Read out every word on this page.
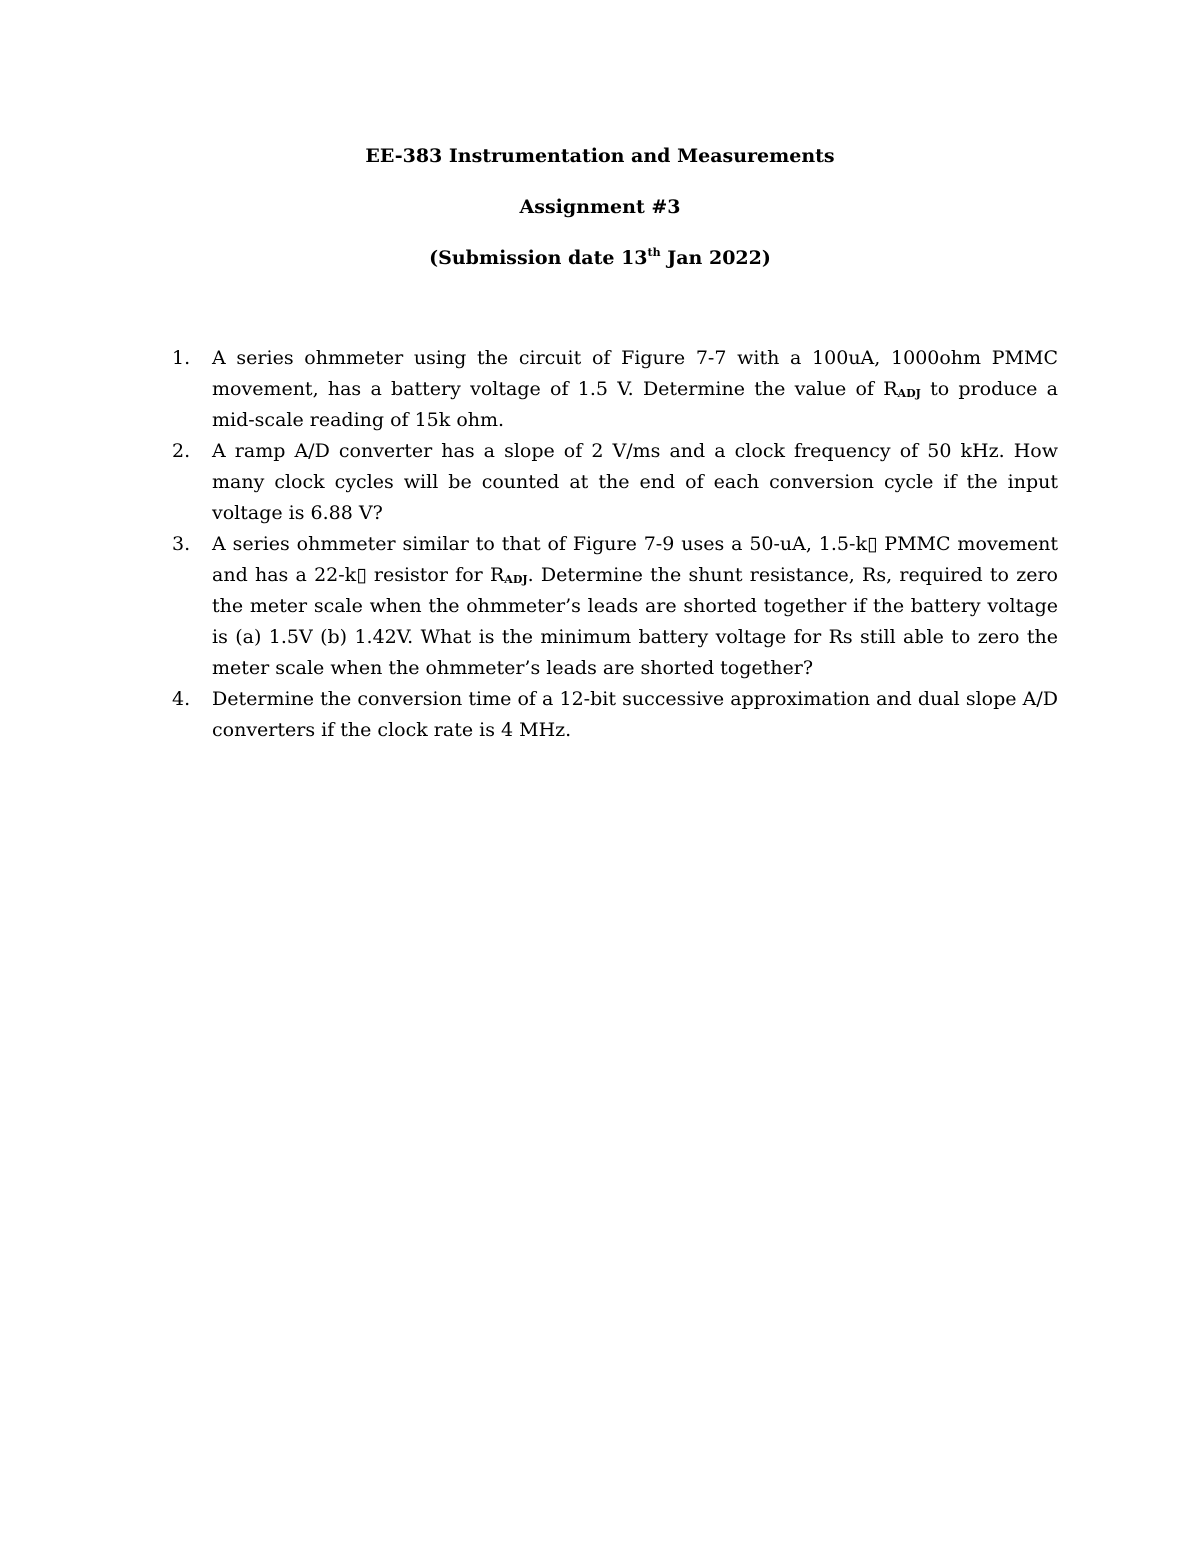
EE-383 Instrumentation and Measurements
Assignment #3
(Submission date 13th Jan 2022)
1. A series ohmmeter using the circuit of Figure 7-7 with a 100uA, 1000ohm PMMC movement, has a battery voltage of 1.5 V. Determine the value of $R_{ADJ}$ to produce a mid-scale reading of 15k ohm.
2. A ramp A/D converter has a slope of 2 V/ms and a clock frequency of 50 kHz. How many clock cycles will be counted at the end of each conversion cycle if the input voltage is 6.88 V?
3. A series ohmmeter similar to that of Figure 7-9 uses a 50-uA, 1.5-k▯ PMMC movement and has a 22-k▯ resistor for $R_{ADJ}$. Determine the shunt resistance, Rs, required to zero the meter scale when the ohmmeter’s leads are shorted together if the battery voltage is (a) 1.5V (b) 1.42V. What is the minimum battery voltage for Rs still able to zero the meter scale when the ohmmeter’s leads are shorted together?
4. Determine the conversion time of a 12-bit successive approximation and dual slope A/D converters if the clock rate is 4 MHz.
